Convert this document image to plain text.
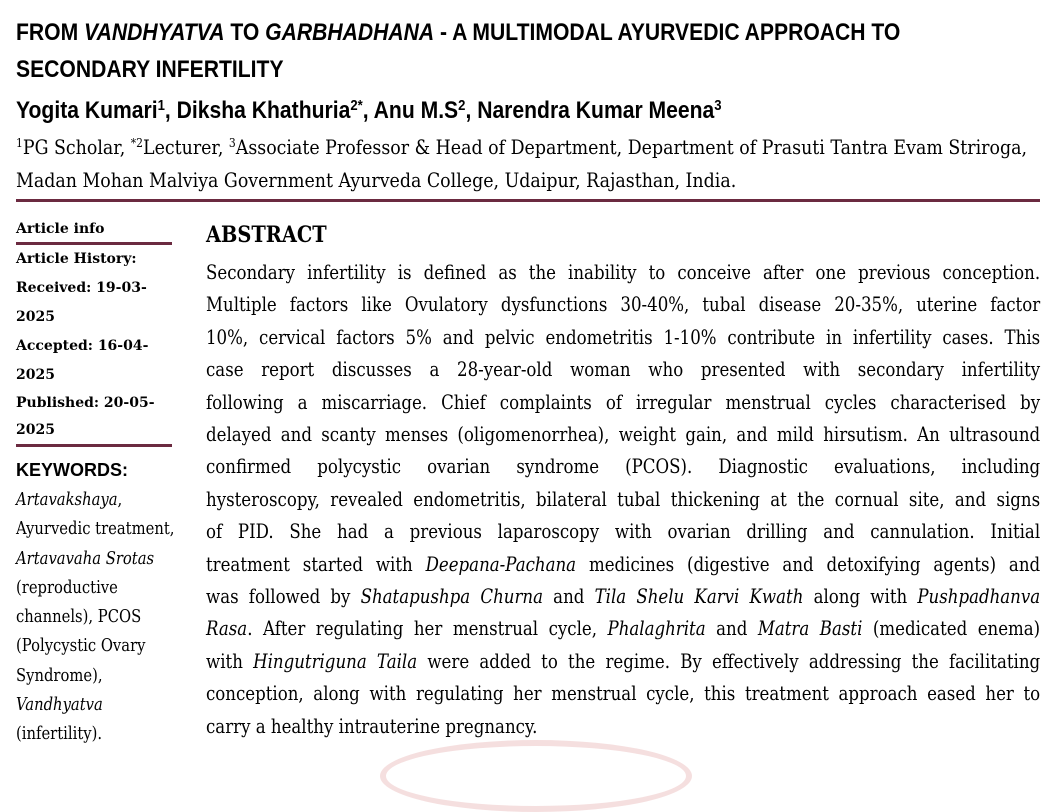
FROM VANDHYATVA TO GARBHADHANA - A MULTIMODAL AYURVEDIC APPROACH TO SECONDARY INFERTILITY
Yogita Kumari$^1$, Diksha Khathuria$^{2*}$, Anu $M.S^2$, Narendra Kumar Meena$^3$
$^1$PG Scholar, $^{*2}$Lecturer, $^3$Associate Professor & Head of Department, Department of Prasuti Tantra Evam Striroga,
Madan Mohan Malviya Government Ayurveda College, Udaipur, Rajasthan, India.
Article info
Article History:
Received: 19-03-2025
Accepted: 16-04-2025
Published: 20-05-2025
KEYWORDS:
Artavakshaya, Ayurvedic treatment, Artavavaha Srotas (reproductive channels), PCOS (Polycystic Ovary Syndrome), Vandhyatva (infertility).
ABSTRACT
Secondary infertility is defined as the inability to conceive after one previous conception.
Multiple factors like Ovulatory dysfunctions 30-40%, tubal disease 20-35%, uterine factor
10%, cervical factors 5% and pelvic endometritis 1-10% contribute in infertility cases. This
case report discusses a 28-year-old woman who presented with secondary infertility
following a miscarriage. Chief complaints of irregular menstrual cycles characterised by
delayed and scanty menses (oligomenorrhea), weight gain, and mild hirsutism. An ultrasound
confirmed polycystic ovarian syndrome (PCOS). Diagnostic evaluations, including
hysteroscopy, revealed endometritis, bilateral tubal thickening at the cornual site, and signs
of PID. She had a previous laparoscopy with ovarian drilling and cannulation. Initial
treatment started with Deepana-Pachana medicines (digestive and detoxifying agents) and
was followed by Shatapushpa Churna and Tila Shelu Karvi Kwath along with Pushpadhanva
Rasa. After regulating her menstrual cycle, Phalaghrita and Matra Basti (medicated enema)
with Hingutriguna Taila were added to the regime. By effectively addressing the facilitating
conception, along with regulating her menstrual cycle, this treatment approach eased her to
carry a healthy intrauterine pregnancy.
